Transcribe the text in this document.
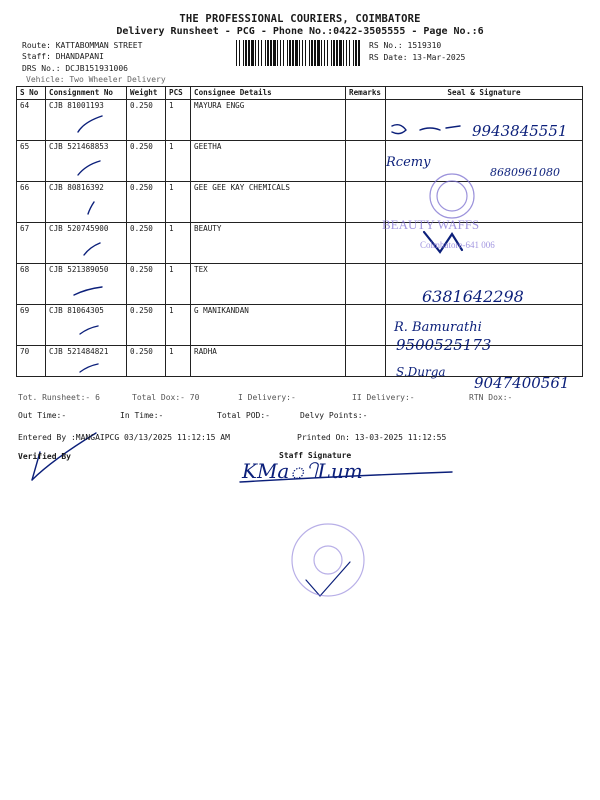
THE PROFESSIONAL COURIERS, COIMBATORE
Delivery Runsheet - PCG - Phone No.:0422-3505555 - Page No.:6
Route: KATTABOMMAN STREET
Staff: DHANDAPANI
DRS No.: DCJB151931006
Vehicle: Two Wheeler Delivery
RS No.: 1519310
RS Date: 13-Mar-2025
S No	Consignment No	Weight	PCS	Consignee Details	Remarks	Seal & Signature
64	CJB 81001193	0.250	1	MAYURA ENGG		
65	CJB 521468853	0.250	1	GEETHA		
66	CJB 80816392	0.250	1	GEE GEE KAY CHEMICALS		
67	CJB 520745900	0.250	1	BEAUTY		
68	CJB 521389050	0.250	1	TEX		
69	CJB 81064305	0.250	1	G MANIKANDAN		
70	CJB 521484821	0.250	1	RADHA		
9943845551
Rcemy
8680961080
BEAUTY WAFFS
Coimbatore-641 006
6381642298
R. Bamurathi
9500525173
S.Durga
9047400561
KMaிLum
Tot. Runsheet:- 6	Total Dox:- 70	I Delivery:-	II Delivery:-	RTN Dox:-
Out Time:-	In Time:-	Total POD:-	Delvy Points:-
Entered By :MANGAIPCG 03/13/2025 11:12:15 AM	Printed On: 13-03-2025 11:12:55
Verified By	Staff Signature
